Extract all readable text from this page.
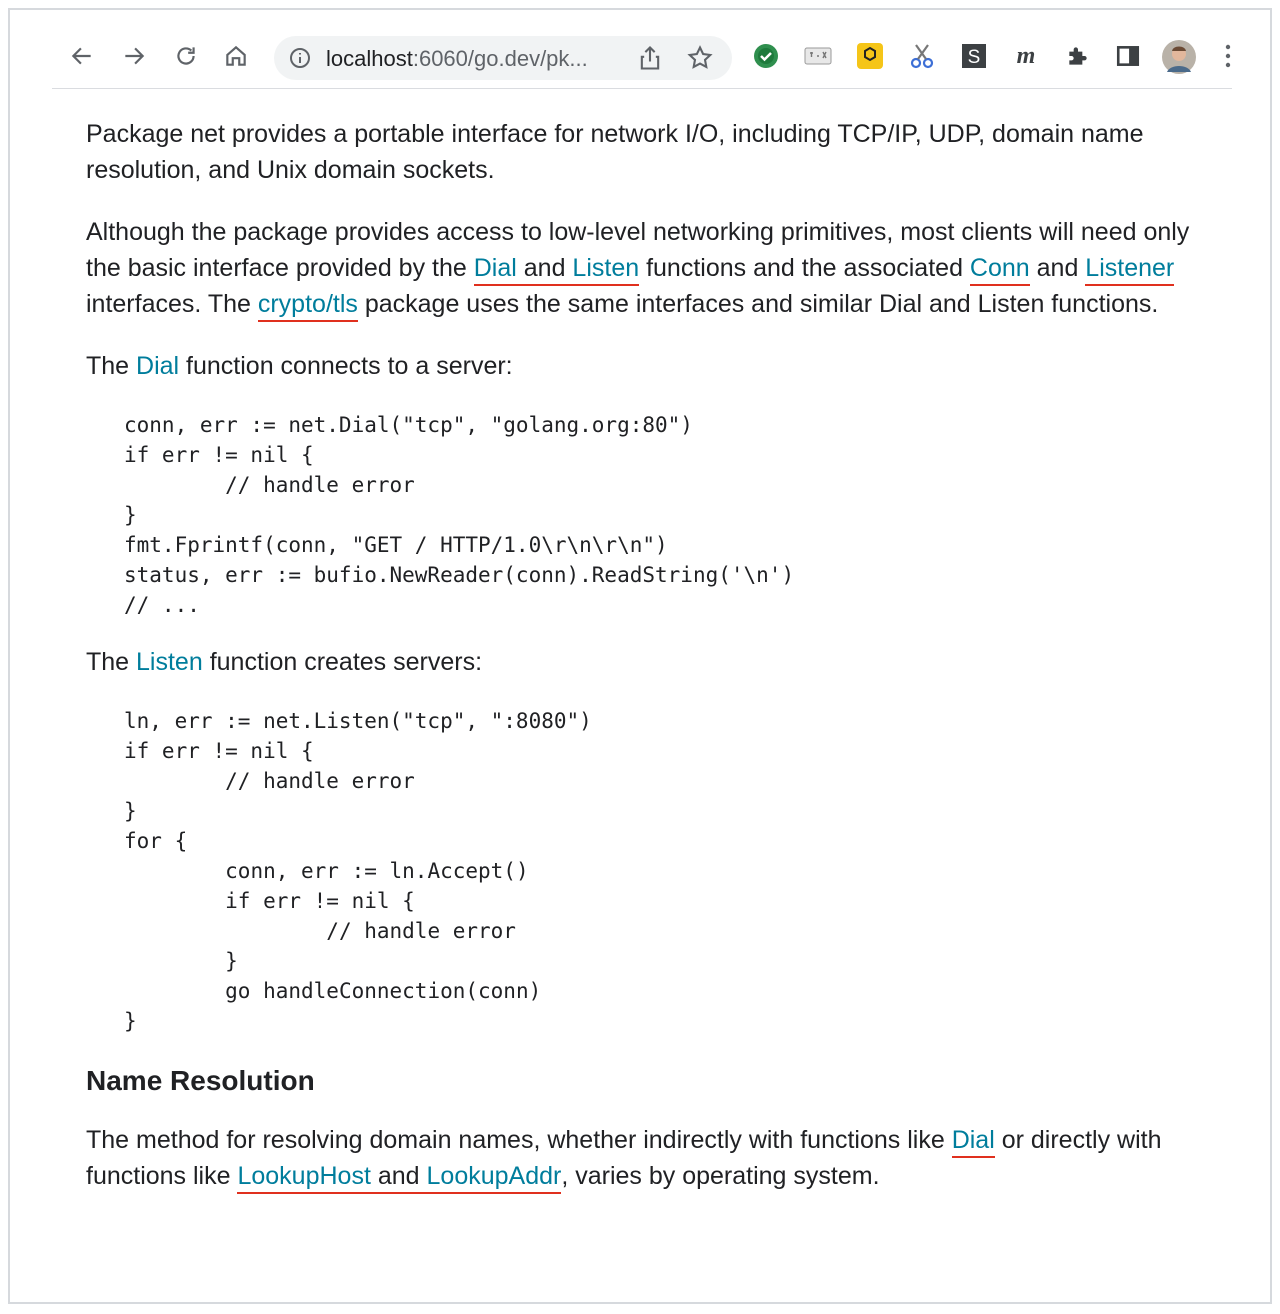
localhost:6060/go.dev/pk...	S m

Package net provides a portable interface for network I/O, including TCP/IP, UDP, domain name resolution, and Unix domain sockets.

Although the package provides access to low-level networking primitives, most clients will need only the basic interface provided by the Dial and Listen functions and the associated Conn and Listener interfaces. The crypto/tls package uses the same interfaces and similar Dial and Listen functions.

The Dial function connects to a server:

conn, err := net.Dial("tcp", "golang.org:80")
if err != nil {
	// handle error
}
fmt.Fprintf(conn, "GET / HTTP/1.0\r\n\r\n")
status, err := bufio.NewReader(conn).ReadString('\n')
// ...

The Listen function creates servers:

ln, err := net.Listen("tcp", ":8080")
if err != nil {
	// handle error
}
for {
	conn, err := ln.Accept()
	if err != nil {
		// handle error
	}
	go handleConnection(conn)
}
Name Resolution

The method for resolving domain names, whether indirectly with functions like Dial or directly with functions like LookupHost and LookupAddr, varies by operating system.
